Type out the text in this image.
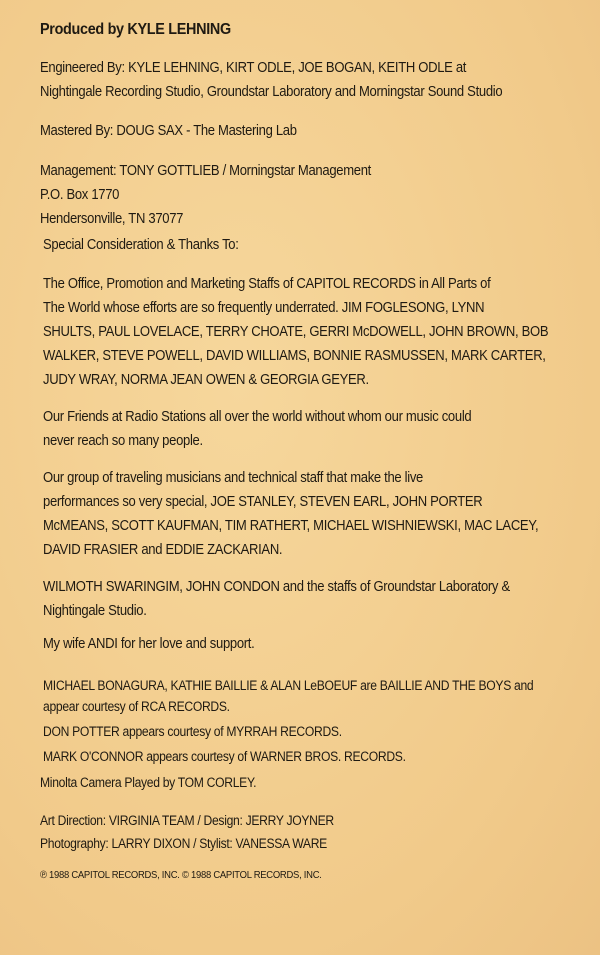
Produced by KYLE LEHNING
Engineered By: KYLE LEHNING, KIRT ODLE, JOE BOGAN, KEITH ODLE at
Nightingale Recording Studio, Groundstar Laboratory and Morningstar Sound Studio
Mastered By: DOUG SAX - The Mastering Lab
Management: TONY GOTTLIEB / Morningstar Management
P.O. Box 1770
Hendersonville, TN 37077
Special Consideration & Thanks To:
The Office, Promotion and Marketing Staffs of CAPITOL RECORDS in All Parts of
The World whose efforts are so frequently underrated. JIM FOGLESONG, LYNN
SHULTS, PAUL LOVELACE, TERRY CHOATE, GERRI McDOWELL, JOHN BROWN, BOB
WALKER, STEVE POWELL, DAVID WILLIAMS, BONNIE RASMUSSEN, MARK CARTER,
JUDY WRAY, NORMA JEAN OWEN & GEORGIA GEYER.
Our Friends at Radio Stations all over the world without whom our music could
never reach so many people.
Our group of traveling musicians and technical staff that make the live
performances so very special, JOE STANLEY, STEVEN EARL, JOHN PORTER
McMEANS, SCOTT KAUFMAN, TIM RATHERT, MICHAEL WISHNIEWSKI, MAC LACEY,
DAVID FRASIER and EDDIE ZACKARIAN.
WILMOTH SWARINGIM, JOHN CONDON and the staffs of Groundstar Laboratory &
Nightingale Studio.
My wife ANDI for her love and support.
MICHAEL BONAGURA, KATHIE BAILLIE & ALAN LeBOEUF are BAILLIE AND THE BOYS and
appear courtesy of RCA RECORDS.
DON POTTER appears courtesy of MYRRAH RECORDS.
MARK O'CONNOR appears courtesy of WARNER BROS. RECORDS.
Minolta Camera Played by TOM CORLEY.
Art Direction: VIRGINIA TEAM / Design: JERRY JOYNER
Photography: LARRY DIXON / Stylist: VANESSA WARE
℗ 1988 CAPITOL RECORDS, INC. © 1988 CAPITOL RECORDS, INC.
